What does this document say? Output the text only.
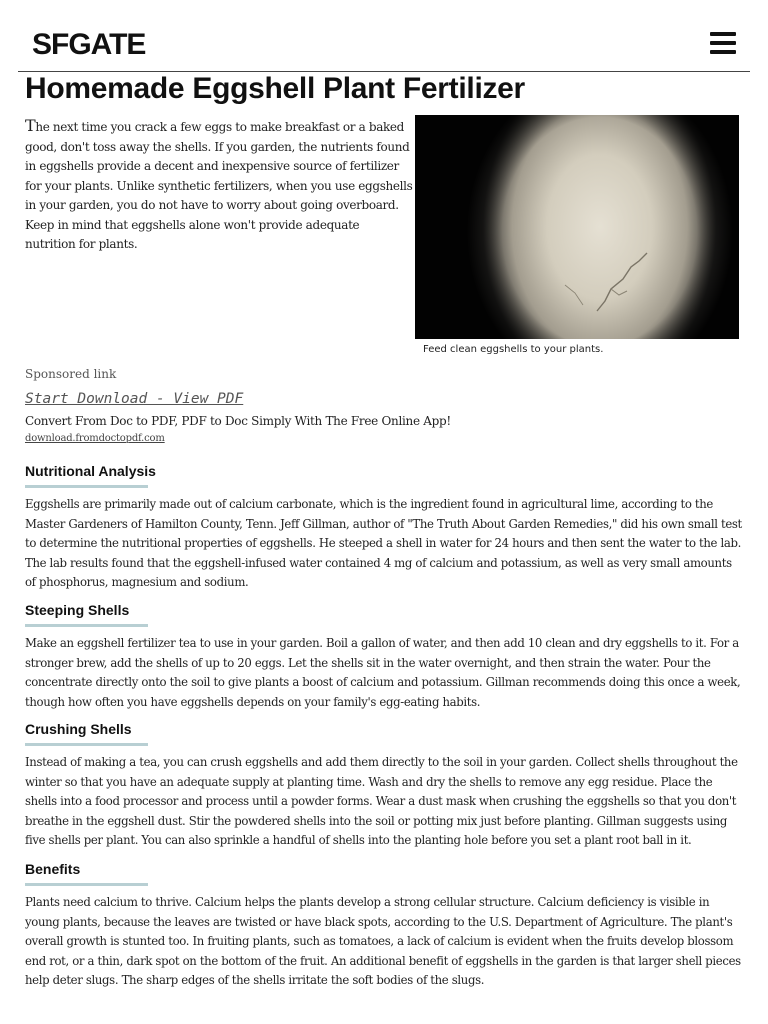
SFGATE
Homemade Eggshell Plant Fertilizer

The next time you crack a few eggs to make breakfast or a baked good, don't toss away the shells. If you garden, the nutrients found in eggshells provide a decent and inexpensive source of fertilizer for your plants. Unlike synthetic fertilizers, when you use eggshells in your garden, you do not have to worry about going overboard. Keep in mind that eggshells alone won't provide adequate nutrition for plants.

Feed clean eggshells to your plants.
Sponsored link
Start Download - View PDF
Convert From Doc to PDF, PDF to Doc Simply With The Free Online App!
download.fromdoctopdf.com
Nutritional Analysis

Eggshells are primarily made out of calcium carbonate, which is the ingredient found in agricultural lime, according to the Master Gardeners of Hamilton County, Tenn. Jeff Gillman, author of "The Truth About Garden Remedies," did his own small test to determine the nutritional properties of eggshells. He steeped a shell in water for 24 hours and then sent the water to the lab. The lab results found that the eggshell-infused water contained 4 mg of calcium and potassium, as well as very small amounts of phosphorus, magnesium and sodium.

Steeping Shells

Make an eggshell fertilizer tea to use in your garden. Boil a gallon of water, and then add 10 clean and dry eggshells to it. For a stronger brew, add the shells of up to 20 eggs. Let the shells sit in the water overnight, and then strain the water. Pour the concentrate directly onto the soil to give plants a boost of calcium and potassium. Gillman recommends doing this once a week, though how often you have eggshells depends on your family's egg-eating habits.

Crushing Shells

Instead of making a tea, you can crush eggshells and add them directly to the soil in your garden. Collect shells throughout the winter so that you have an adequate supply at planting time. Wash and dry the shells to remove any egg residue. Place the shells into a food processor and process until a powder forms. Wear a dust mask when crushing the eggshells so that you don't breathe in the eggshell dust. Stir the powdered shells into the soil or potting mix just before planting. Gillman suggests using five shells per plant. You can also sprinkle a handful of shells into the planting hole before you set a plant root ball in it.

Benefits

Plants need calcium to thrive. Calcium helps the plants develop a strong cellular structure. Calcium deficiency is visible in young plants, because the leaves are twisted or have black spots, according to the U.S. Department of Agriculture. The plant's overall growth is stunted too. In fruiting plants, such as tomatoes, a lack of calcium is evident when the fruits develop blossom end rot, or a thin, dark spot on the bottom of the fruit. An additional benefit of eggshells in the garden is that larger shell pieces help deter slugs. The sharp edges of the shells irritate the soft bodies of the slugs.
